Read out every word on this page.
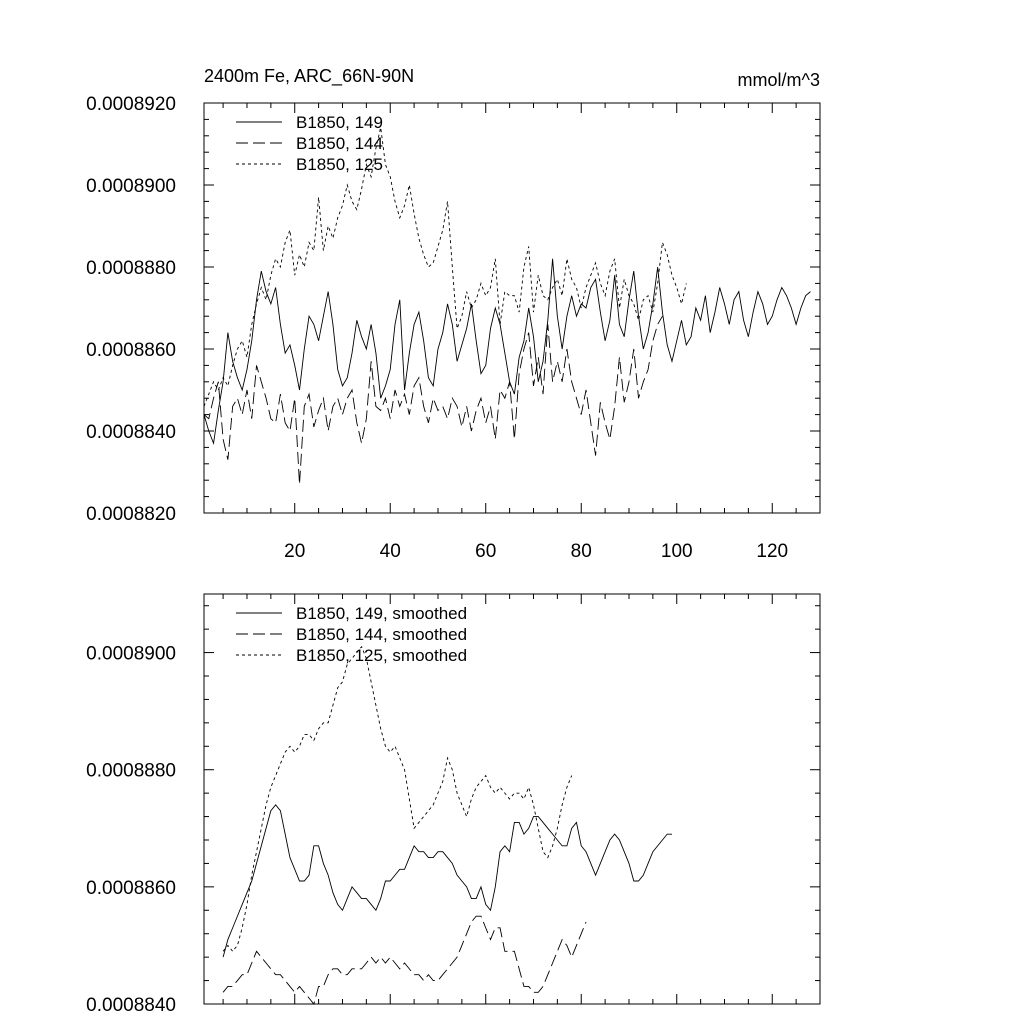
2400m Fe, ARC_66N-90N	mmol/m^3
0.0008820
0.0008840
0.0008860
0.0008880
0.0008900
0.0008920
20	40	60	80	100	120
B1850, 149
B1850, 144
B1850, 125
0.0008840
0.0008860
0.0008880
0.0008900
B1850, 149, smoothed
B1850, 144, smoothed
B1850, 125, smoothed
